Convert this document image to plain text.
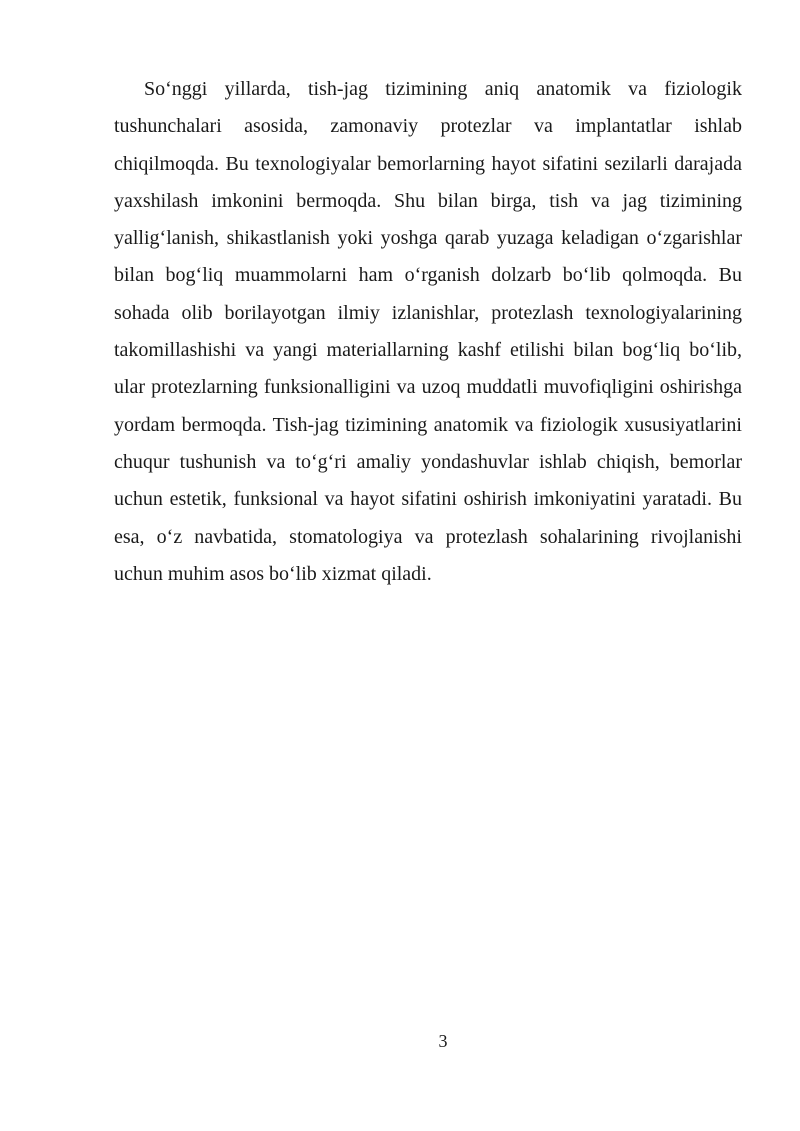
So‘nggi yillarda, tish-jag tizimining aniq anatomik va fiziologik tushunchalari asosida, zamonaviy protezlar va implantatlar ishlab chiqilmoqda. Bu texnologiyalar bemorlarning hayot sifatini sezilarli darajada yaxshilash imkonini bermoqda. Shu bilan birga, tish va jag tizimining yallig‘lanish, shikastlanish yoki yoshga qarab yuzaga keladigan o‘zgarishlar bilan bog‘liq muammolarni ham o‘rganish dolzarb bo‘lib qolmoqda. Bu sohada olib borilayotgan ilmiy izlanishlar, protezlash texnologiyalarining takomillashishi va yangi materiallarning kashf etilishi bilan bog‘liq bo‘lib, ular protezlarning funksionalligini va uzoq muddatli muvofiqligini oshirishga yordam bermoqda. Tish-jag tizimining anatomik va fiziologik xususiyatlarini chuqur tushunish va to‘g‘ri amaliy yondashuvlar ishlab chiqish, bemorlar uchun estetik, funksional va hayot sifatini oshirish imkoniyatini yaratadi. Bu esa, o‘z navbatida, stomatologiya va protezlash sohalarining rivojlanishi uchun muhim asos bo‘lib xizmat qiladi.

3
